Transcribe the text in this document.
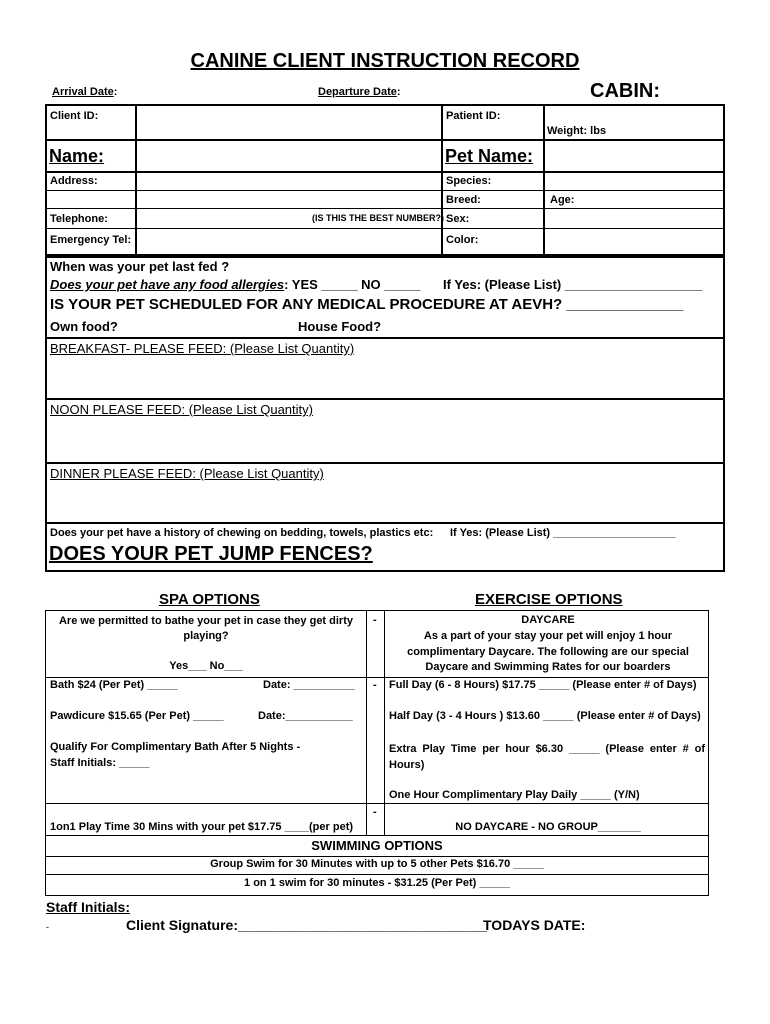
CANINE CLIENT INSTRUCTION RECORD
Arrival Date:	Departure Date:	CABIN:
Client ID:	Patient ID:
Weight: lbs
Name:	Pet Name:
Address:	Species:
Breed:	Age:
Telephone:	(IS THIS THE BEST NUMBER?) Sex:
Emergency Tel:	Color:
When was your pet last fed ?
Does your pet have any food allergies: YES _____ NO _____ If Yes: (Please List) ___________________
IS YOUR PET SCHEDULED FOR ANY MEDICAL PROCEDURE AT AEVH? ______________
Own food?	House Food?
BREAKFAST- PLEASE FEED: (Please List Quantity)
NOON PLEASE FEED: (Please List Quantity)
DINNER PLEASE FEED: (Please List Quantity)
Does your pet have a history of chewing on bedding, towels, plastics etc: If Yes: (Please List) ____________________
DOES YOUR PET JUMP FENCES?
SPA OPTIONS	EXERCISE OPTIONS
Are we permitted to bathe your pet in case they get dirty playing?
Yes___ No___
-	DAYCARE
As a part of your stay your pet will enjoy 1 hour complimentary Daycare. The following are our special Daycare and Swimming Rates for our boarders
Bath $24 (Per Pet) _____	Date: __________ - Full Day (6 - 8 Hours) $17.75 _____ (Please enter # of Days)
Pawdicure $15.65 (Per Pet) _____	Date:___________	Half Day (3 - 4 Hours ) $13.60 _____ (Please enter # of Days)
Qualify For Complimentary Bath After 5 Nights -
Staff Initials: _____
Extra Play Time per hour $6.30 _____ (Please enter # of Hours)
One Hour Complimentary Play Daily _____ (Y/N)
-
1on1 Play Time 30 Mins with your pet $17.75 ____(per pet)	NO DAYCARE - NO GROUP_______
SWIMMING OPTIONS
Group Swim for 30 Minutes with up to 5 other Pets $16.70 _____
1 on 1 swim for 30 minutes - $31.25 (Per Pet) _____
Staff Initials:
-	Client Signature:________________________________
TODAYS DATE:
